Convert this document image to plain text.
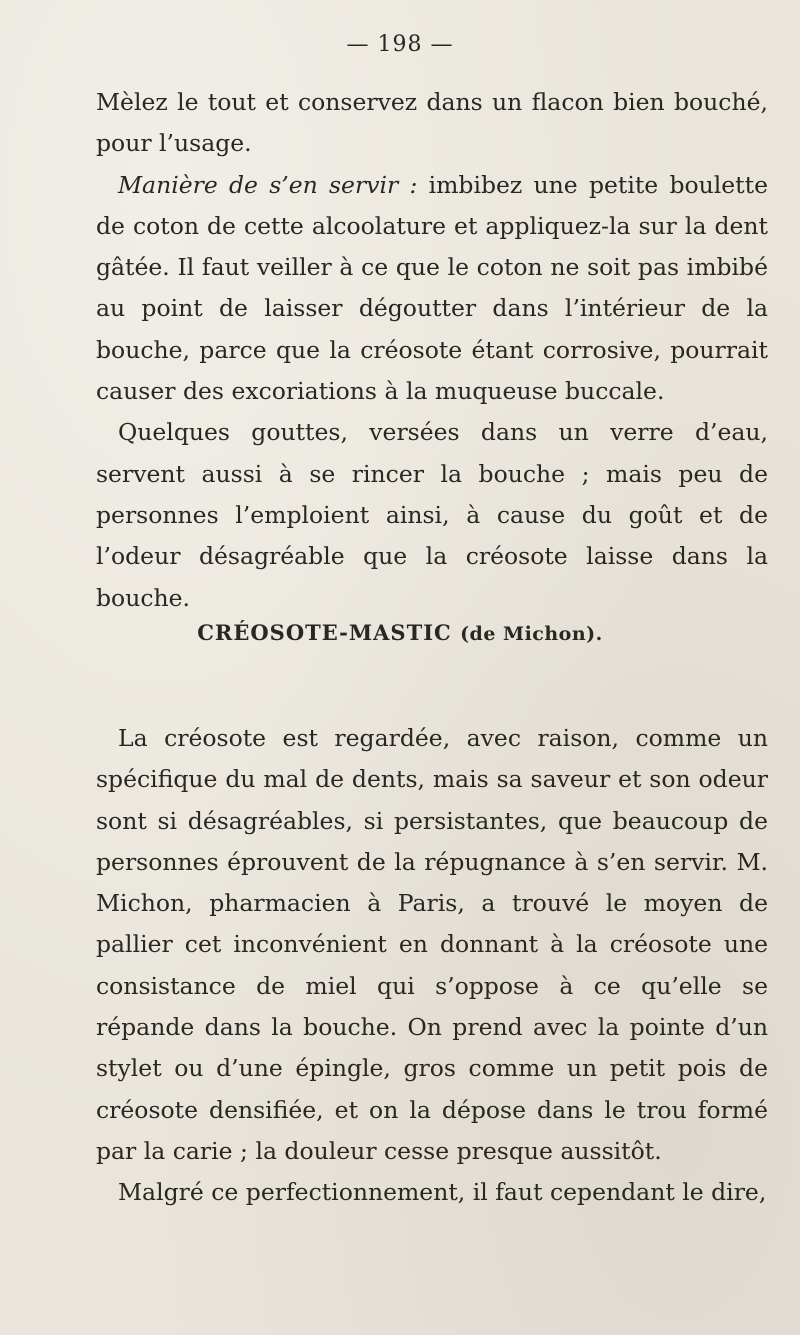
— 198 —

Mèlez le tout et conservez dans un flacon bien bouché, pour l’usage.

Manière de s’en servir : imbibez une petite boulette de coton de cette alcoolature et appliquez-la sur la dent gâtée. Il faut veiller à ce que le coton ne soit pas imbibé au point de laisser dégoutter dans l’intérieur de la bouche, parce que la créosote étant corrosive, pourrait causer des excoriations à la muqueuse buccale.

Quelques gouttes, versées dans un verre d’eau, servent aussi à se rincer la bouche ; mais peu de personnes l’emploient ainsi, à cause du goût et de l’odeur désagréable que la créosote laisse dans la bouche.

CRÉOSOTE-MASTIC (de Michon).

La créosote est regardée, avec raison, comme un spécifique du mal de dents, mais sa saveur et son odeur sont si désagréables, si persistantes, que beaucoup de personnes éprouvent de la répugnance à s’en servir. M. Michon, pharmacien à Paris, a trouvé le moyen de pallier cet inconvénient en donnant à la créosote une consistance de miel qui s’oppose à ce qu’elle se répande dans la bouche. On prend avec la pointe d’un stylet ou d’une épingle, gros comme un petit pois de créosote densifiée, et on la dépose dans le trou formé par la carie ; la douleur cesse presque aussitôt.

Malgré ce perfectionnement, il faut cependant le dire,
